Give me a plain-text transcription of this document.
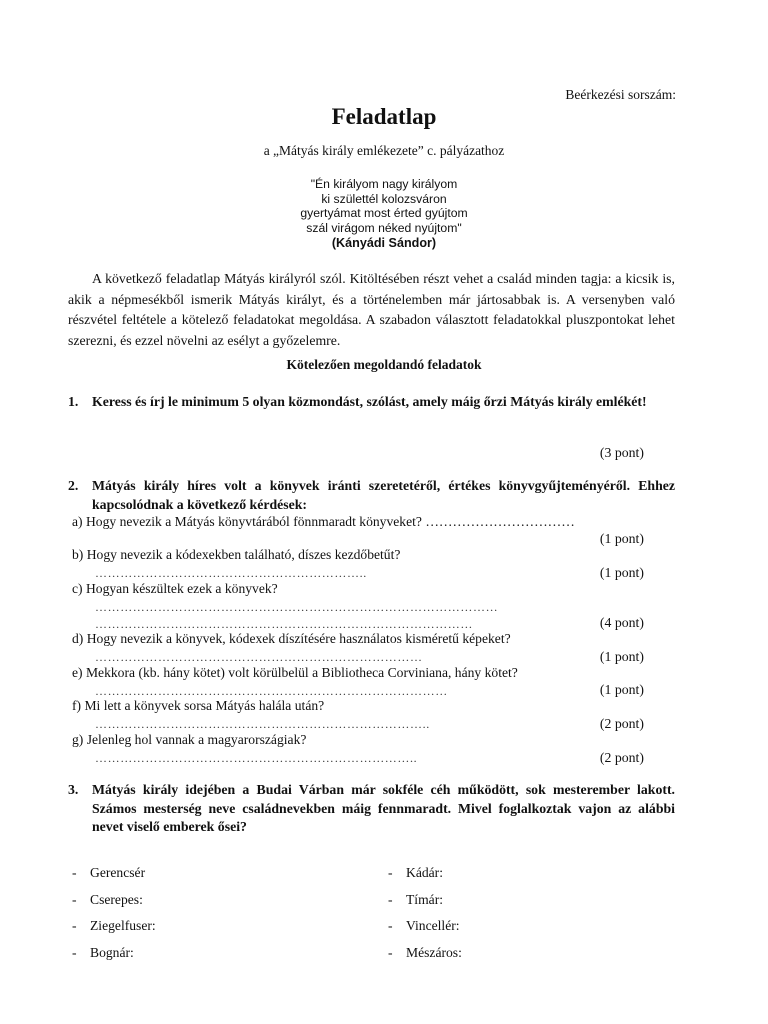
Beérkezési sorszám:
Feladatlap
a „Mátyás király emlékezete” c. pályázathoz
"Én királyom nagy királyom
ki születtél kolozsváron
gyertyámat most érted gyújtom
szál virágom néked nyújtom"
(Kányádi Sándor)

A következő feladatlap Mátyás királyról szól. Kitöltésében részt vehet a család minden tagja: a kicsik is, akik a népmesékből ismerik Mátyás királyt, és a történelemben már jártosabbak is. A versenyben való részvétel feltétele a kötelező feladatokat megoldása. A szabadon választott feladatokkal pluszpontokat lehet szerezni, és ezzel növelni az esélyt a győzelemre.

Kötelezően megoldandó feladatok
1. Keress és írj le minimum 5 olyan közmondást, szólást, amely máig őrzi Mátyás király emlékét!
(3 pont)
2. Mátyás király híres volt a könyvek iránti szeretetéről, értékes könyvgyűjteményéről. Ehhez kapcsolódnak a következő kérdések:
a) Hogy nevezik a Mátyás könyvtárából fönnmaradt könyveket? ……………………………
(1 pont)
b) Hogy nevezik a kódexekben található, díszes kezdőbetűt?
………………………………………………………..	(1 pont)
c) Hogyan készültek ezek a könyvek?
……………………………………………………………………………………
………………………………………………………………………………	(4 pont)
d) Hogy nevezik a könyvek, kódexek díszítésére használatos kisméretű képeket?
……………………………………………………………………	(1 pont)
e) Mekkora (kb. hány kötet) volt körülbelül a Bibliotheca Corviniana, hány kötet?
…………………………………………………………………………	(1 pont)
f) Mi lett a könyvek sorsa Mátyás halála után?
……………………………………………………………………..	(2 pont)
g) Jelenleg hol vannak a magyarországiak?
…………………………………………………………………..	(2 pont)
3. Mátyás király idejében a Budai Várban már sokféle céh működött, sok mesterember lakott. Számos mesterség neve családnevekben máig fennmaradt. Mivel foglalkoztak vajon az alábbi nevet viselő emberek ősei?
- Gerencsér
- Cserepes:
- Ziegelfuser:
- Bognár:
- Kádár:
- Tímár:
- Vincellér:
- Mészáros:
